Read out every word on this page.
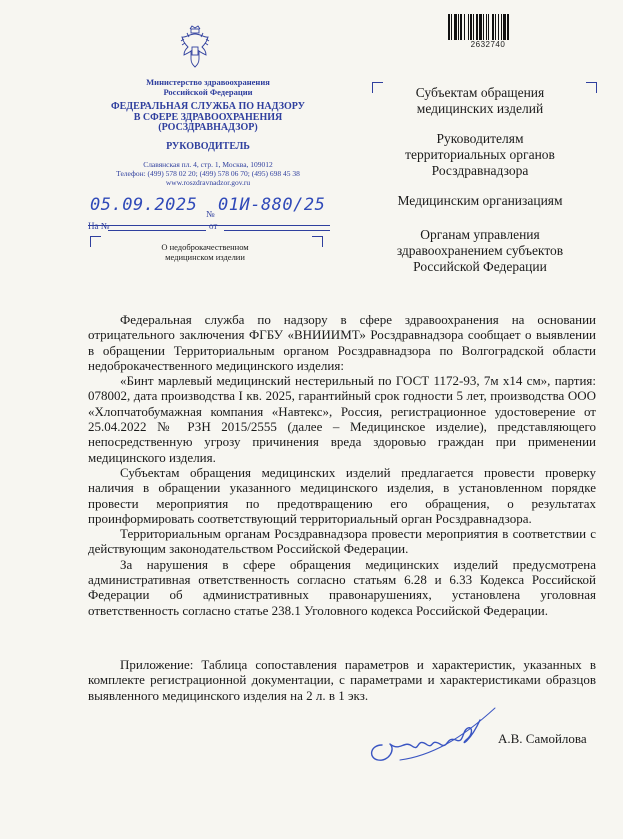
2632740
Министерство здравоохранения
Российской Федерации
ФЕДЕРАЛЬНАЯ СЛУЖБА ПО НАДЗОРУ
В СФЕРЕ ЗДРАВООХРАНЕНИЯ
(РОСЗДРАВНАДЗОР)
РУКОВОДИТЕЛЬ
Славянская пл. 4, стр. 1, Москва, 109012
Телефон: (499) 578 02 20; (499) 578 06 70; (495) 698 45 38
www.roszdravnadzor.gov.ru
№
05.09.2025 01И-880/25
На №	от
О недоброкачественном
медицинском изделии
Субъектам обращения
медицинских изделий
Руководителям
территориальных органов
Росздравнадзора
Медицинским организациям
Органам управления
здравоохранением субъектов
Российской Федерации

Федеральная служба по надзору в сфере здравоохранения на основании отрицательного заключения ФГБУ «ВНИИИМТ» Росздравнадзора сообщает о выявлении в обращении Территориальным органом Росздравнадзора по Волгоградской области недоброкачественного медицинского изделия:

«Бинт марлевый медицинский нестерильный по ГОСТ 1172-93, 7м х14 см», партия: 078002, дата производства I кв. 2025, гарантийный срок годности 5 лет, производства ООО «Хлопчатобумажная компания «Навтекс», Россия, регистрационное удостоверение от 25.04.2022 № РЗН 2015/2555 (далее – Медицинское изделие), представляющего непосредственную угрозу причинения вреда здоровью граждан при применении медицинского изделия.

Субъектам обращения медицинских изделий предлагается провести проверку наличия в обращении указанного медицинского изделия, в установленном порядке провести мероприятия по предотвращению его обращения, о результатах проинформировать соответствующий территориальный орган Росздравнадзора.

Территориальным органам Росздравнадзора провести мероприятия в соответствии с действующим законодательством Российской Федерации.

За нарушения в сфере обращения медицинских изделий предусмотрена административная ответственность согласно статьям 6.28 и 6.33 Кодекса Российской Федерации об административных правонарушениях, установлена уголовная ответственность согласно статье 238.1 Уголовного кодекса Российской Федерации.

Приложение: Таблица сопоставления параметров и характеристик, указанных в комплекте регистрационной документации, с параметрами и характеристиками образцов выявленного медицинского изделия на 2 л. в 1 экз.

А.В. Самойлова
